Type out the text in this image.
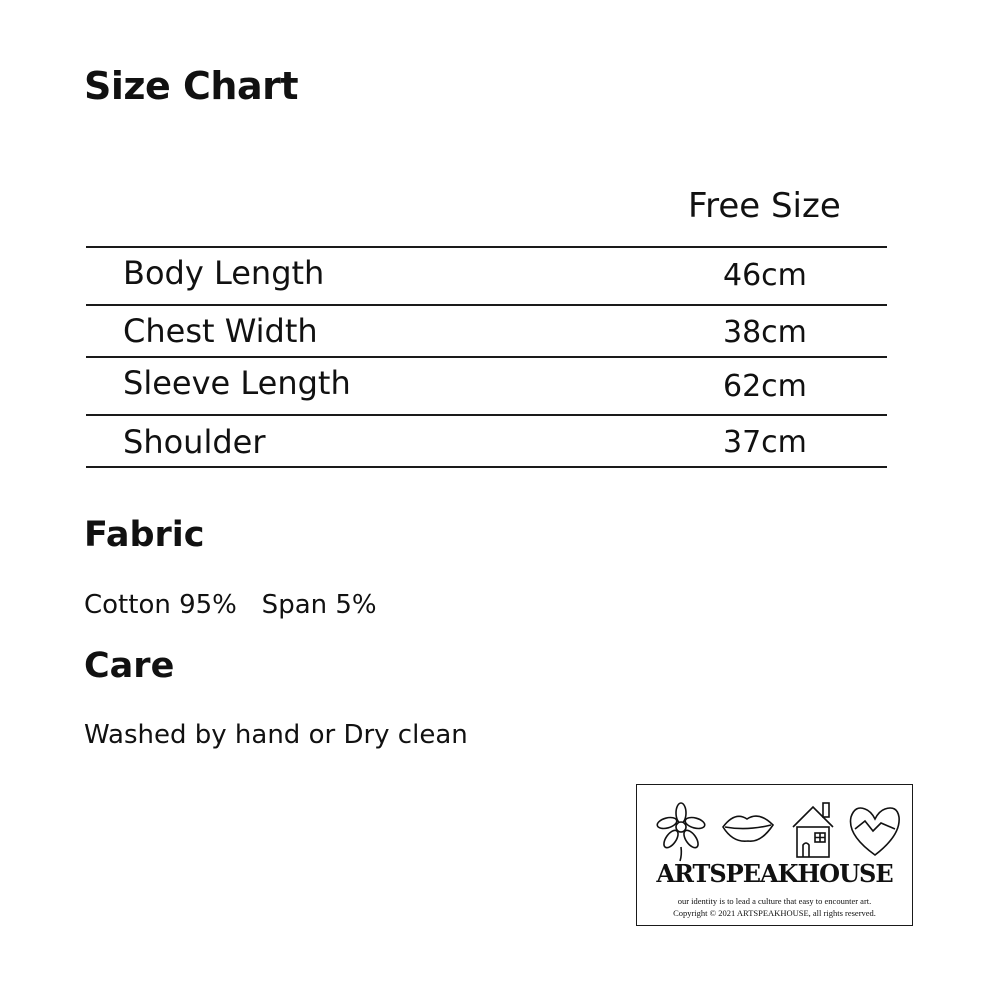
Size Chart
Free Size
Body Length	46cm
Chest Width	38cm
Sleeve Length	62cm
Shoulder	37cm
Fabric
Cotton 95%   Span 5%
Care
Washed by hand or Dry clean
ARTSPEAKHOUSE
our identity is to lead a culture that easy to encounter art.
Copyright © 2021 ARTSPEAKHOUSE, all rights reserved.
